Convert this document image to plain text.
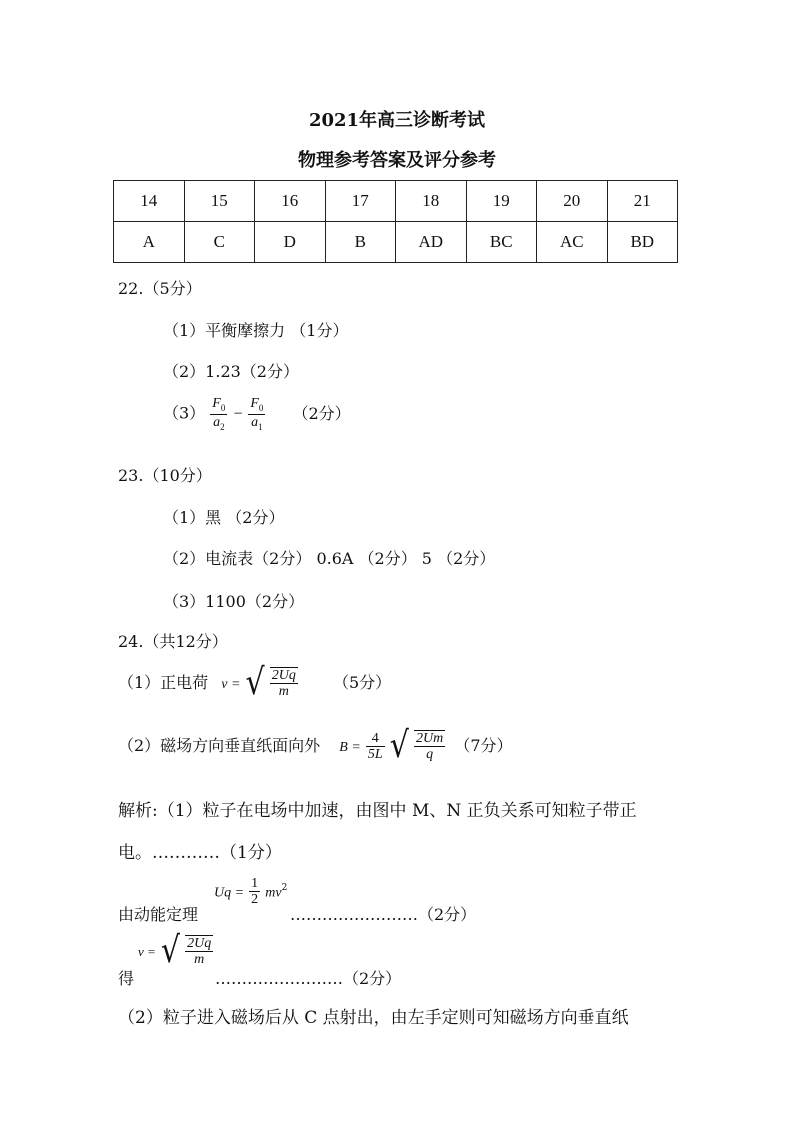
2021年高三诊断考试
物理参考答案及评分参考
14	15	16	17	18	19	20	21
A	C	D	B	AD	BC	AC	BD
22.（5分）
（1）平衡摩擦力 （1分）
（2）1.23（2分）
$(3) \frac{F_0}{a_2} - \frac{F_0}{a_1} (2$分）
23.（10分）
（1）黑 （2分）
（2）电流表（2分） 0.6A （2分） 5 （2分）
（3）1100（2分）
24.（共12分）
（1）正电荷 v = √ $\frac{2Uq}{m} (5$分）
（2）磁场方向垂直纸面向外 $B = \frac{4}{5L}$ √ $\frac{2Um}{q} (7$分）
解析:（1）粒子在电场中加速，由图中 M、N 正负关系可知粒子带正
电。…………（1分）
$Uq = \frac{1}{2} mv^2$
由动能定理	……………………（2分）
v = √ $\frac{2Uq}{m}$
得	……………………（2分）
（2）粒子进入磁场后从 C 点射出，由左手定则可知磁场方向垂直纸
